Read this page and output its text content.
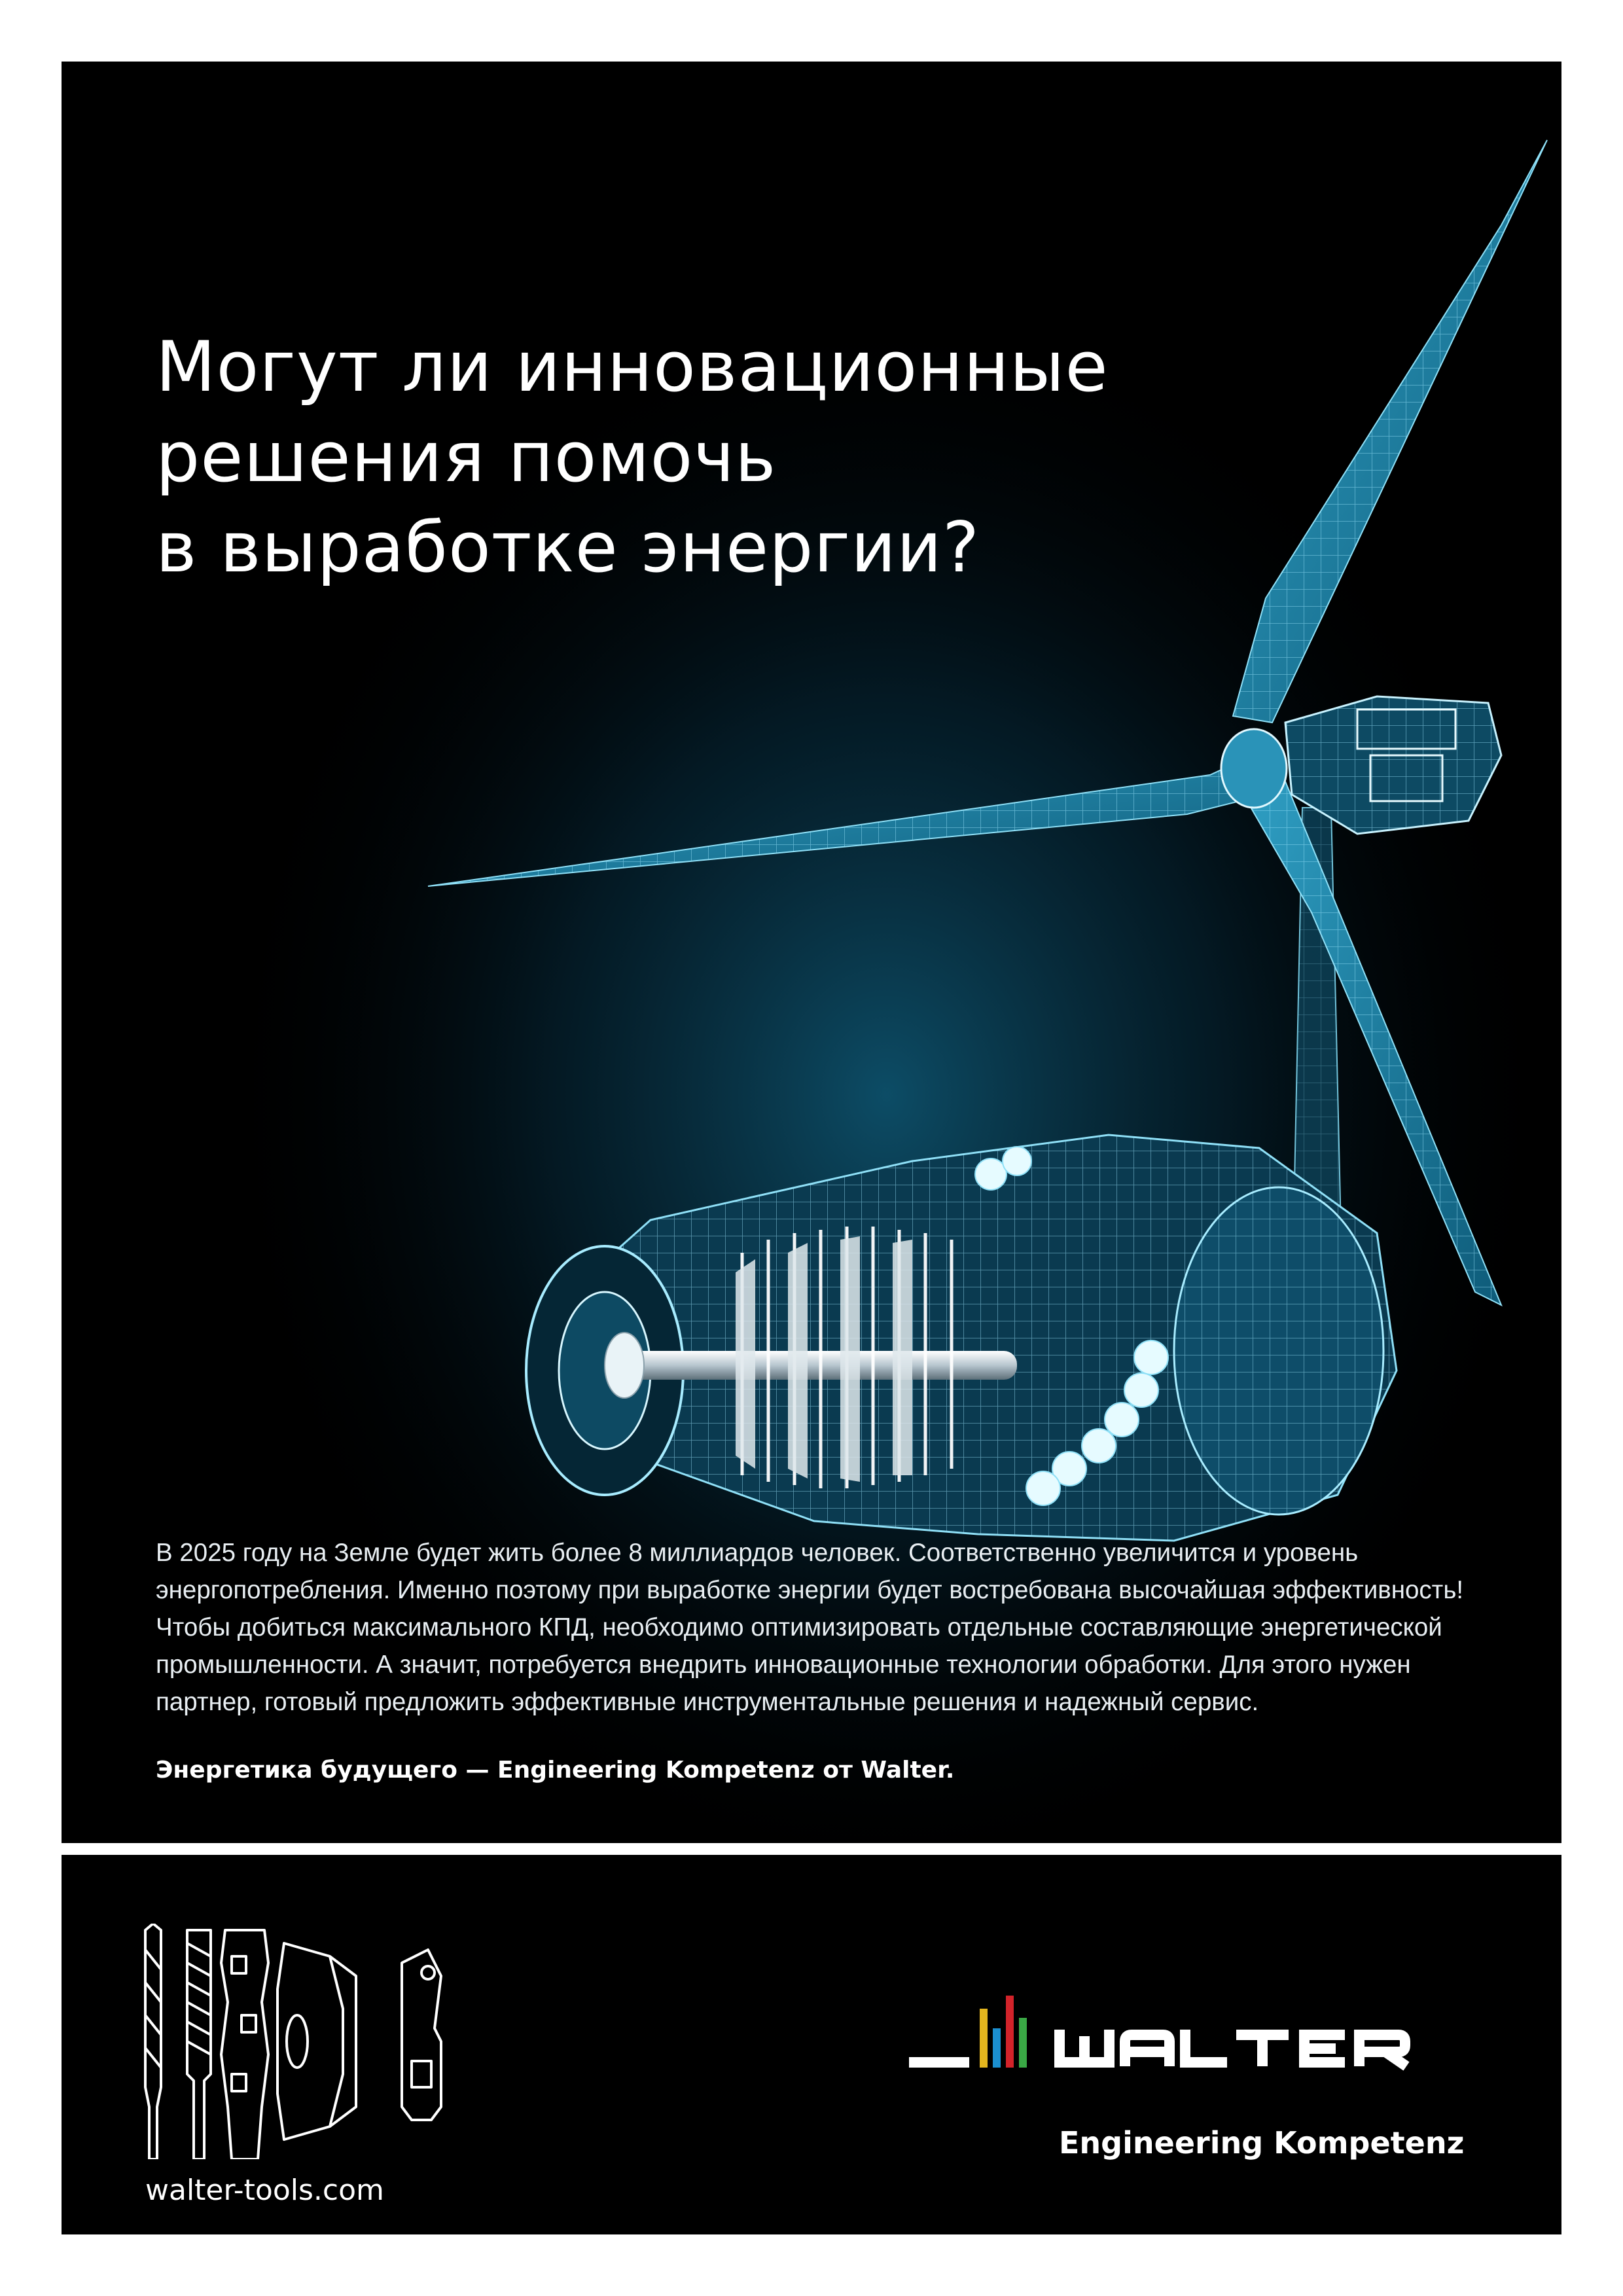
Могут ли инновационные
решения помочь
в выработке энергии?
В 2025 году на Земле будет жить более 8 миллиардов человек. Соответственно увеличится и уровень
энергопотребления. Именно поэтому при выработке энергии будет востребована высочайшая эффективность!
Чтобы добиться максимального КПД, необходимо оптимизировать отдельные составляющие энергетической
промышленности. А значит, потребуется внедрить инновационные технологии обработки. Для этого нужен
партнер, готовый предложить эффективные инструментальные решения и надежный сервис.
Энергетика будущего — Engineering Kompetenz от Walter.
walter-tools.com
Engineering Kompetenz
